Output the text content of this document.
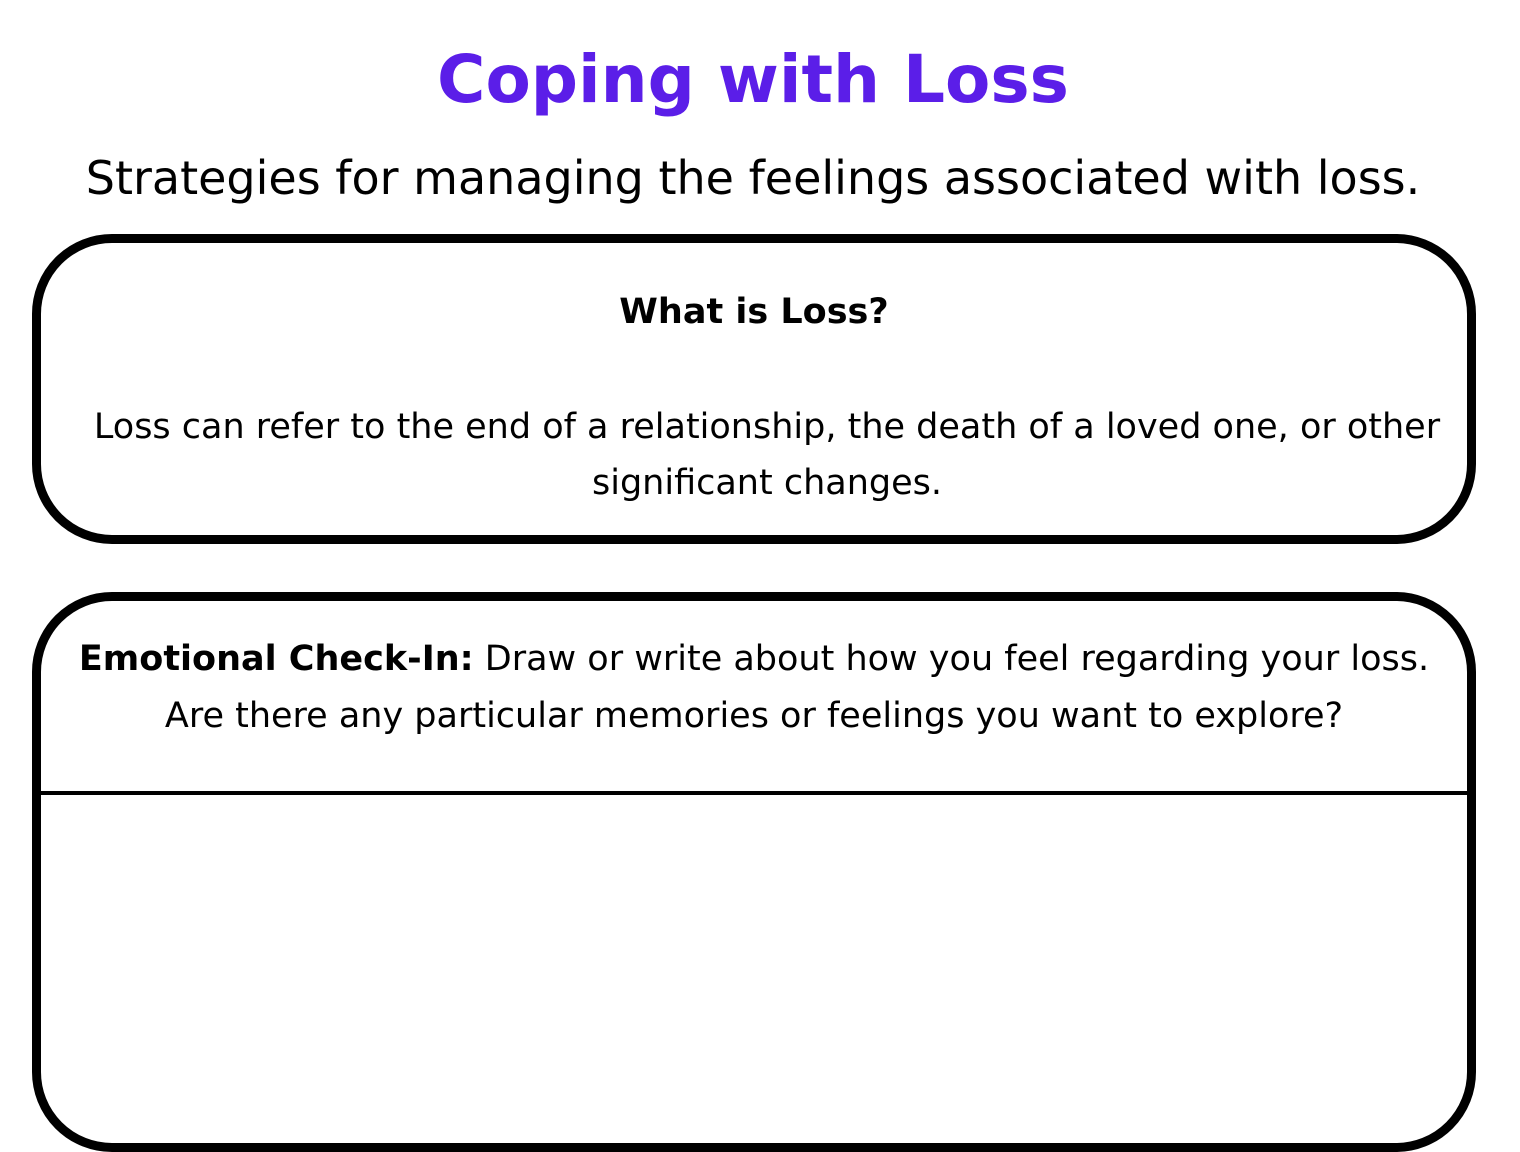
Coping with Loss

Strategies for managing the feelings associated with loss.

What is Loss?
Loss can refer to the end of a relationship, the death of a loved one, or other significant changes.
Emotional Check-In: Draw or write about how you feel regarding your loss. Are there any particular memories or feelings you want to explore?
